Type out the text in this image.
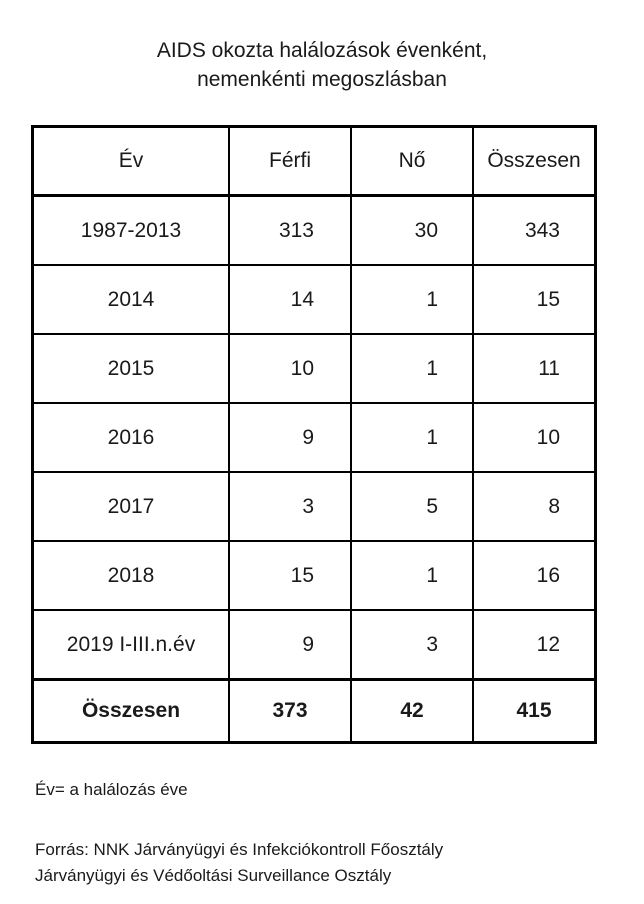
AIDS okozta halálozások évenként,
nemenkénti megoszlásban
Év	Férfi	Nő	Összesen
1987-2013	313	30	343
2014	14	1	15
2015	10	1	11
2016	9	1	10
2017	3	5	8
2018	15	1	16
2019 I-III.n.év	9	3	12
Összesen	373	42	415
Év= a halálozás éve
Forrás: NNK Járványügyi és Infekciókontroll Főosztály
Járványügyi és Védőoltási Surveillance Osztály
